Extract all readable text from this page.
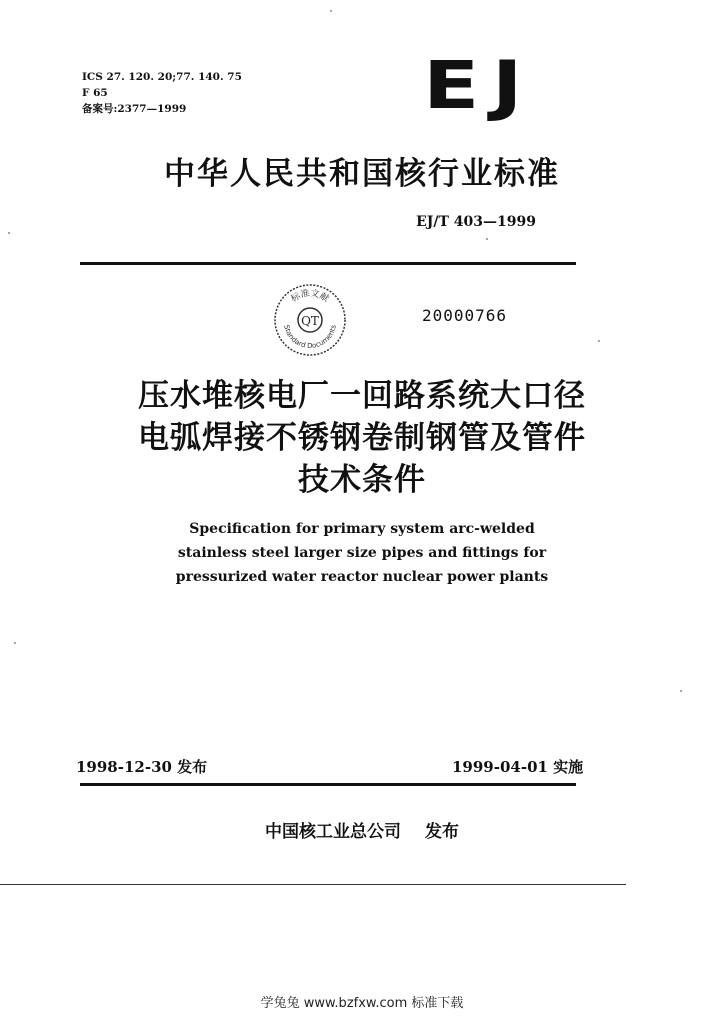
ICS 27. 120. 20;77. 140. 75
F 65
备案号:2377—1999	EJ
中华人民共和国核行业标准
EJ/T 403—1999
QT
标准文献
Standard Documents
20000766
压水堆核电厂一回路系统大口径
电弧焊接不锈钢卷制钢管及管件
技术条件
Specification for primary system arc-welded
stainless steel larger size pipes and fittings for
pressurized water reactor nuclear power plants
1998-12-30 发布	1999-04-01 实施
中国核工业总公司 发布
学兔兔 www.bzfxw.com 标准下载
